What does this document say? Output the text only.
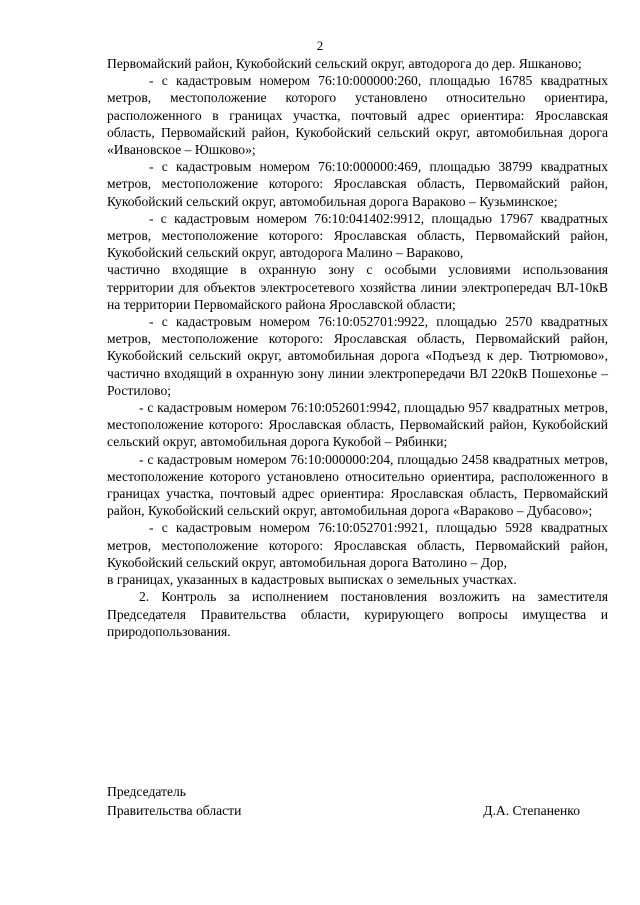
2

Первомайский район, Кукобойский сельский округ, автодорога до дер. Яшканово;

- с кадастровым номером 76:10:000000:260, площадью 16785 квадратных метров, местоположение которого установлено относительно ориентира, расположенного в границах участка, почтовый адрес ориентира: Ярославская область, Первомайский район, Кукобойский сельский округ, автомобильная дорога «Ивановское – Юшково»;

- с кадастровым номером 76:10:000000:469, площадью 38799 квадратных метров, местоположение которого: Ярославская область, Первомайский район, Кукобойский сельский округ, автомобильная дорога Вараково – Кузьминское;

- с кадастровым номером 76:10:041402:9912, площадью 17967 квадратных метров, местоположение которого: Ярославская область, Первомайский район, Кукобойский сельский округ, автодорога Малино – Вараково,

частично входящие в охранную зону с особыми условиями использования территории для объектов электросетевого хозяйства линии электропередач ВЛ-10кВ на территории Первомайского района Ярославской области;

- с кадастровым номером 76:10:052701:9922, площадью 2570 квадратных метров, местоположение которого: Ярославская область, Первомайский район, Кукобойский сельский округ, автомобильная дорога «Подъезд к дер. Тютрюмово», частично входящий в охранную зону линии электропередачи ВЛ 220кВ Пошехонье – Ростилово;

- с кадастровым номером 76:10:052601:9942, площадью 957 квадратных метров, местоположение которого: Ярославская область, Первомайский район, Кукобойский сельский округ, автомобильная дорога Кукобой – Рябинки;

- с кадастровым номером 76:10:000000:204, площадью 2458 квадратных метров, местоположение которого установлено относительно ориентира, расположенного в границах участка, почтовый адрес ориентира: Ярославская область, Первомайский район, Кукобойский сельский округ, автомобильная дорога «Вараково – Дубасово»;

- с кадастровым номером 76:10:052701:9921, площадью 5928 квадратных метров, местоположение которого: Ярославская область, Первомайский район, Кукобойский сельский округ, автомобильная дорога Ватолино – Дор,

в границах, указанных в кадастровых выписках о земельных участках.

2. Контроль за исполнением постановления возложить на заместителя Председателя Правительства области, курирующего вопросы имущества и природопользования.

Председатель
Правительства области	Д.А. Степаненко
